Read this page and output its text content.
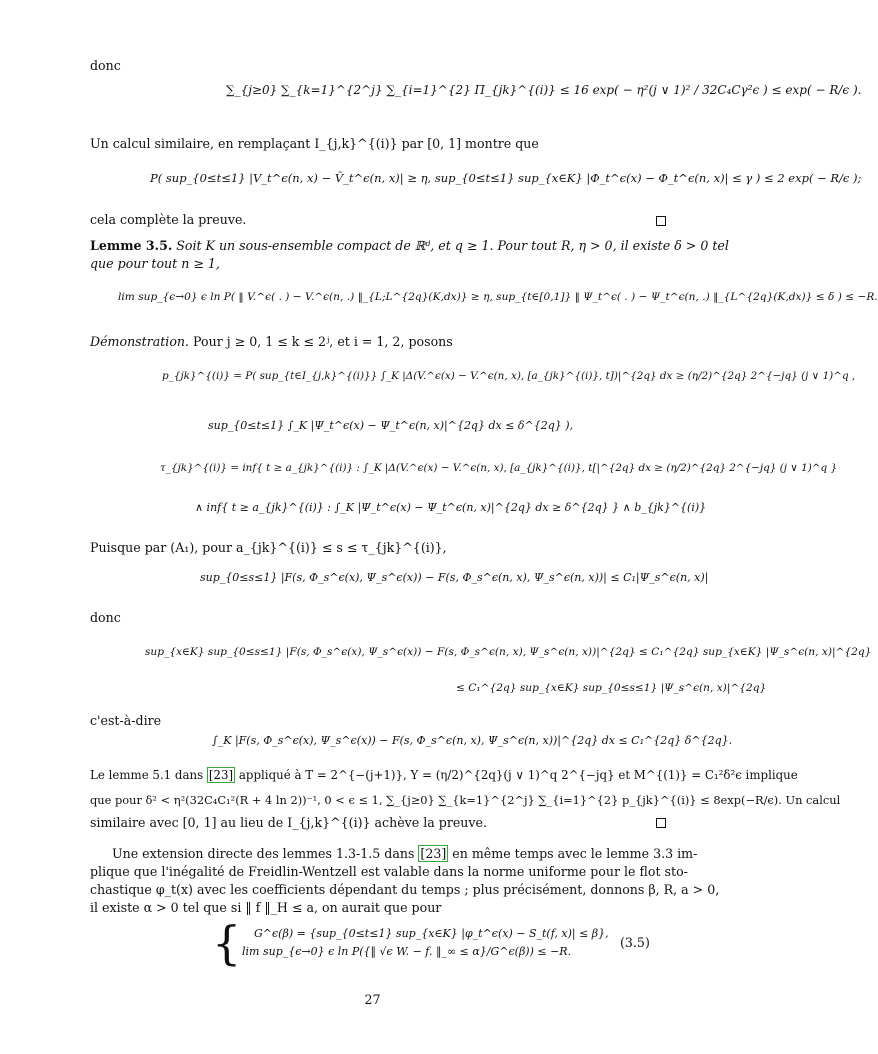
donc
∑_{j≥0} ∑_{k=1}^{2^j} ∑_{i=1}^{2} Π_{jk}^{(i)} ≤ 16 exp( − η²(j ∨ 1)² / 32C₄Cγ²ϵ ) ≤ exp( − R/ϵ ).
Un calcul similaire, en remplaçant I_{j,k}^{(i)} par [0, 1] montre que
P( sup_{0≤t≤1} |V_t^ϵ(n, x) − Ṽ_t^ϵ(n, x)| ≥ η, sup_{0≤t≤1} sup_{x∈K} |Φ_t^ϵ(x) − Φ_t^ϵ(n, x)| ≤ γ ) ≤ 2 exp( − R/ϵ );
cela complète la preuve.
Lemme 3.5. Soit K un sous-ensemble compact de ℝᵈ, et q ≥ 1. Pour tout R, η > 0, il existe δ > 0 tel
que pour tout n ≥ 1,
lim sup_{ϵ→0} ϵ ln P( ‖ V.^ϵ( . ) − V.^ϵ(n, .) ‖_{L;L^{2q}(K,dx)} ≥ η, sup_{t∈[0,1]} ‖ Ψ_t^ϵ( . ) − Ψ_t^ϵ(n, .) ‖_{L^{2q}(K,dx)} ≤ δ ) ≤ −R.
Démonstration. Pour j ≥ 0, 1 ≤ k ≤ 2ʲ, et i = 1, 2, posons
p_{jk}^{(i)} = P( sup_{t∈I_{j,k}^{(i)}} ∫_K |Δ(V.^ϵ(x) − V.^ϵ(n, x), [a_{jk}^{(i)}, t])|^{2q} dx ≥ (η/2)^{2q} 2^{−jq} (j ∨ 1)^q ,
sup_{0≤t≤1} ∫_K |Ψ_t^ϵ(x) − Ψ_t^ϵ(n, x)|^{2q} dx ≤ δ^{2q} ),
τ_{jk}^{(i)} = inf{ t ≥ a_{jk}^{(i)} : ∫_K |Δ(V.^ϵ(x) − V.^ϵ(n, x), [a_{jk}^{(i)}, t[|^{2q} dx ≥ (η/2)^{2q} 2^{−jq} (j ∨ 1)^q }
∧ inf{ t ≥ a_{jk}^{(i)} : ∫_K |Ψ_t^ϵ(x) − Ψ_t^ϵ(n, x)|^{2q} dx ≥ δ^{2q} } ∧ b_{jk}^{(i)}
Puisque par (A₁), pour a_{jk}^{(i)} ≤ s ≤ τ_{jk}^{(i)},
sup_{0≤s≤1} |F(s, Φ_s^ϵ(x), Ψ_s^ϵ(x)) − F(s, Φ_s^ϵ(n, x), Ψ_s^ϵ(n, x))| ≤ C₁|Ψ_s^ϵ(n, x)|
donc
sup_{x∈K} sup_{0≤s≤1} |F(s, Φ_s^ϵ(x), Ψ_s^ϵ(x)) − F(s, Φ_s^ϵ(n, x), Ψ_s^ϵ(n, x))|^{2q} ≤ C₁^{2q} sup_{x∈K} |Ψ_s^ϵ(n, x)|^{2q}
≤ C₁^{2q} sup_{x∈K} sup_{0≤s≤1} |Ψ_s^ϵ(n, x)|^{2q}
c'est-à-dire
∫_K |F(s, Φ_s^ϵ(x), Ψ_s^ϵ(x)) − F(s, Φ_s^ϵ(n, x), Ψ_s^ϵ(n, x))|^{2q} dx ≤ C₁^{2q} δ^{2q}.
Le lemme 5.1 dans [23] appliqué à T = 2^{−(j+1)}, Υ = (η/2)^{2q}(j ∨ 1)^q 2^{−jq} et M^{(1)} = C₁²δ²ϵ implique
que pour δ² < η²(32C₄C₁²(R + 4 ln 2))⁻¹, 0 < ϵ ≤ 1, ∑_{j≥0} ∑_{k=1}^{2^j} ∑_{i=1}^{2} p_{jk}^{(i)} ≤ 8exp(−R/ϵ). Un calcul
similaire avec [0, 1] au lieu de I_{j,k}^{(i)} achève la preuve.
Une extension directe des lemmes 1.3-1.5 dans [23] en même temps avec le lemme 3.3 im-
plique que l'inégalité de Freidlin-Wentzell est valable dans la norme uniforme pour le flot sto-
chastique φ_t(x) avec les coefficients dépendant du temps ; plus précisément, donnons β, R, a > 0,
il existe α > 0 tel que si ‖ f ‖_H ≤ a, on aurait que pour
{ G^ϵ(β) = {sup_{0≤t≤1} sup_{x∈K} |φ_t^ϵ(x) − S_t(f, x)| ≤ β},
lim sup_{ϵ→0} ϵ ln P({‖ √ϵ W. − f. ‖_∞ ≤ α}/G^ϵ(β)) ≤ −R.
(3.5)
27
